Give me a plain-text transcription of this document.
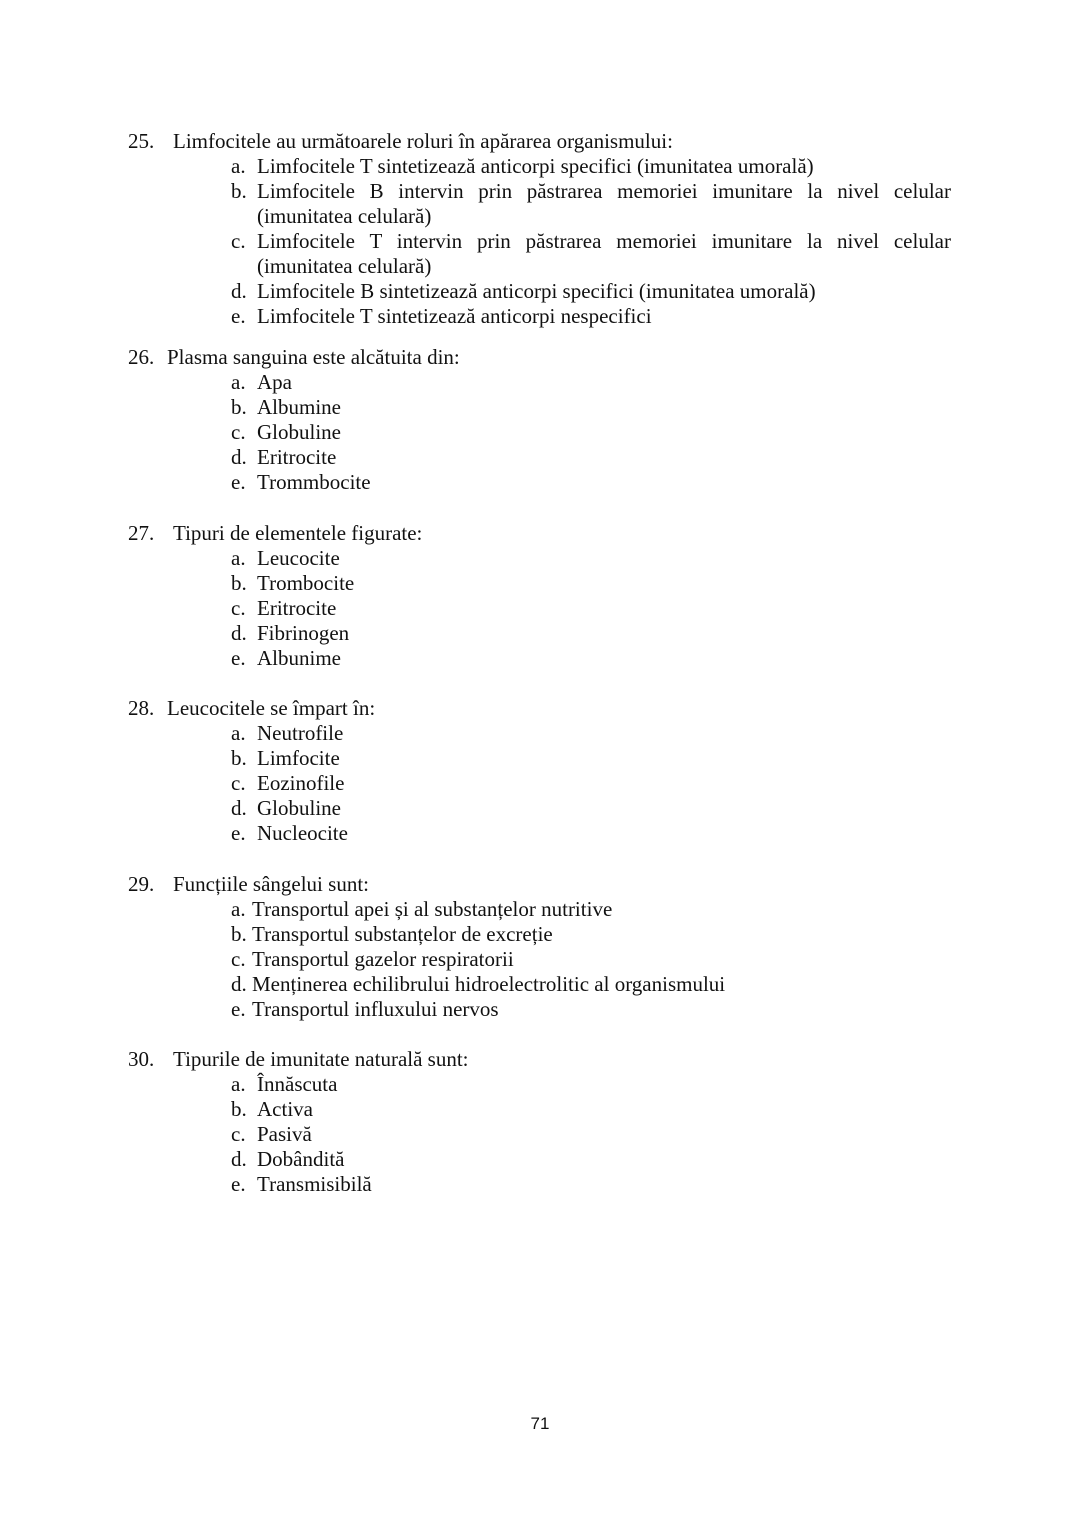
25. Limfocitele au următoarele roluri în apărarea organismului:
a. Limfocitele T sintetizează anticorpi specifici (imunitatea umorală)
b. Limfocitele B intervin prin păstrarea memoriei imunitare la nivel celular (imunitatea celulară)
c. Limfocitele T intervin prin păstrarea memoriei imunitare la nivel celular (imunitatea celulară)
d. Limfocitele B sintetizează anticorpi specifici (imunitatea umorală)
e. Limfocitele T sintetizează anticorpi nespecifici
26. Plasma sanguina este alcătuita din:
a. Apa
b. Albumine
c. Globuline
d. Eritrocite
e. Trommbocite
27. Tipuri de elementele figurate:
a. Leucocite
b. Trombocite
c. Eritrocite
d. Fibrinogen
e. Albunime
28. Leucocitele se împart în:
a. Neutrofile
b. Limfocite
c. Eozinofile
d. Globuline
e. Nucleocite
29. Funcțiile sângelui sunt:
a. Transportul apei și al substanțelor nutritive
b. Transportul substanțelor de excreție
c. Transportul gazelor respiratorii
d. Menținerea echilibrului hidroelectrolitic al organismului
e. Transportul influxului nervos
30. Tipurile de imunitate naturală sunt:
a. Înnăscuta
b. Activa
c. Pasivă
d. Dobândită
e. Transmisibilă
71
